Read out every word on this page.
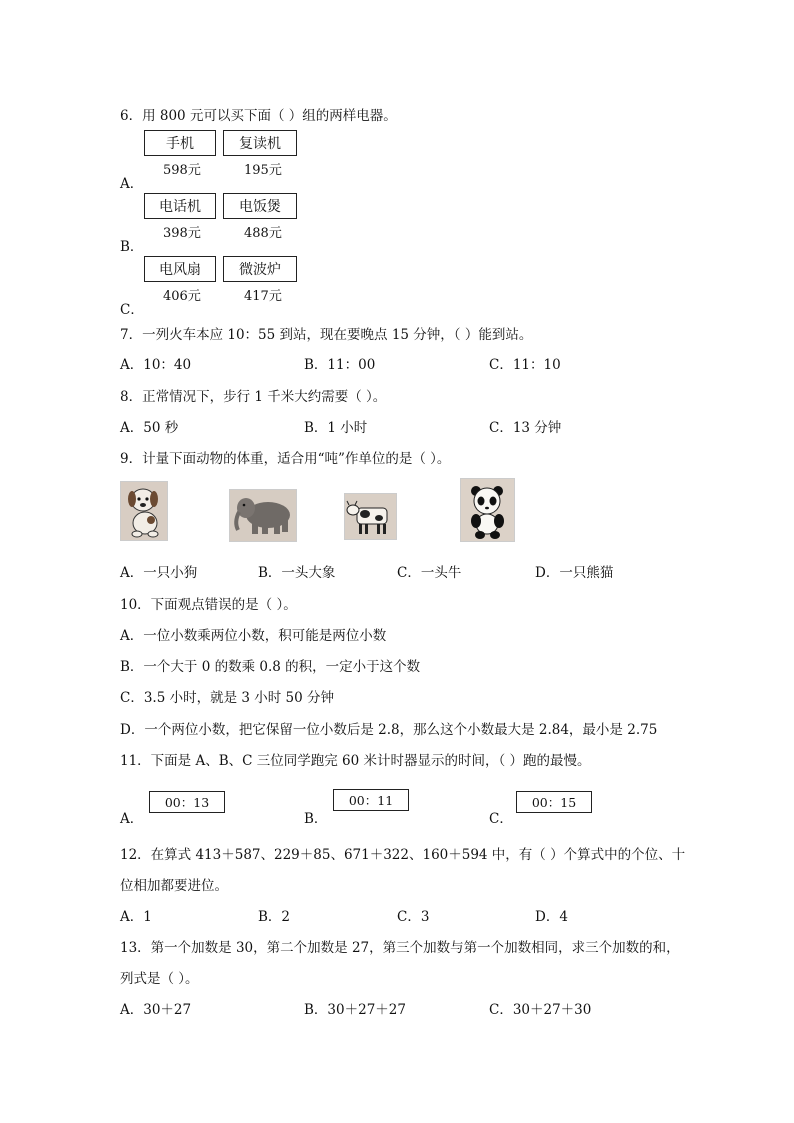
6．用 800 元可以买下面（ ）组的两样电器。
手机	复读机
598元	195元
A．
电话机	电饭煲
398元	488元
B．
电风扇	微波炉
406元	417元
C．
7．一列火车本应 10：55 到站，现在要晚点 15 分钟，（ ）能到站。
A．10：40	B．11：00	C．11：10
8．正常情况下，步行 1 千米大约需要（ ）。
A．50 秒	B．1 小时	C．13 分钟
9．计量下面动物的体重，适合用“吨”作单位的是（ ）。
A．一只小狗	B．一头大象	C．一头牛	D．一只熊猫
10．下面观点错误的是（ ）。
A．一位小数乘两位小数，积可能是两位小数
B．一个大于 0 的数乘 0.8 的积，一定小于这个数
C．3.5 小时，就是 3 小时 50 分钟
D．一个两位小数，把它保留一位小数后是 2.8，那么这个小数最大是 2.84，最小是 2.75
11．下面是 A、B、C 三位同学跑完 60 米计时器显示的时间，（ ）跑的最慢。
00：13	00：11	00：15
A．	B．	C．
12．在算式 413＋587、229＋85、671＋322、160＋594 中，有（ ）个算式中的个位、十
位相加都要进位。
A．1	B．2	C．3	D．4
13．第一个加数是 30，第二个加数是 27，第三个加数与第一个加数相同，求三个加数的和，
列式是（ ）。
A．30＋27	B．30＋27＋27	C．30＋27＋30
